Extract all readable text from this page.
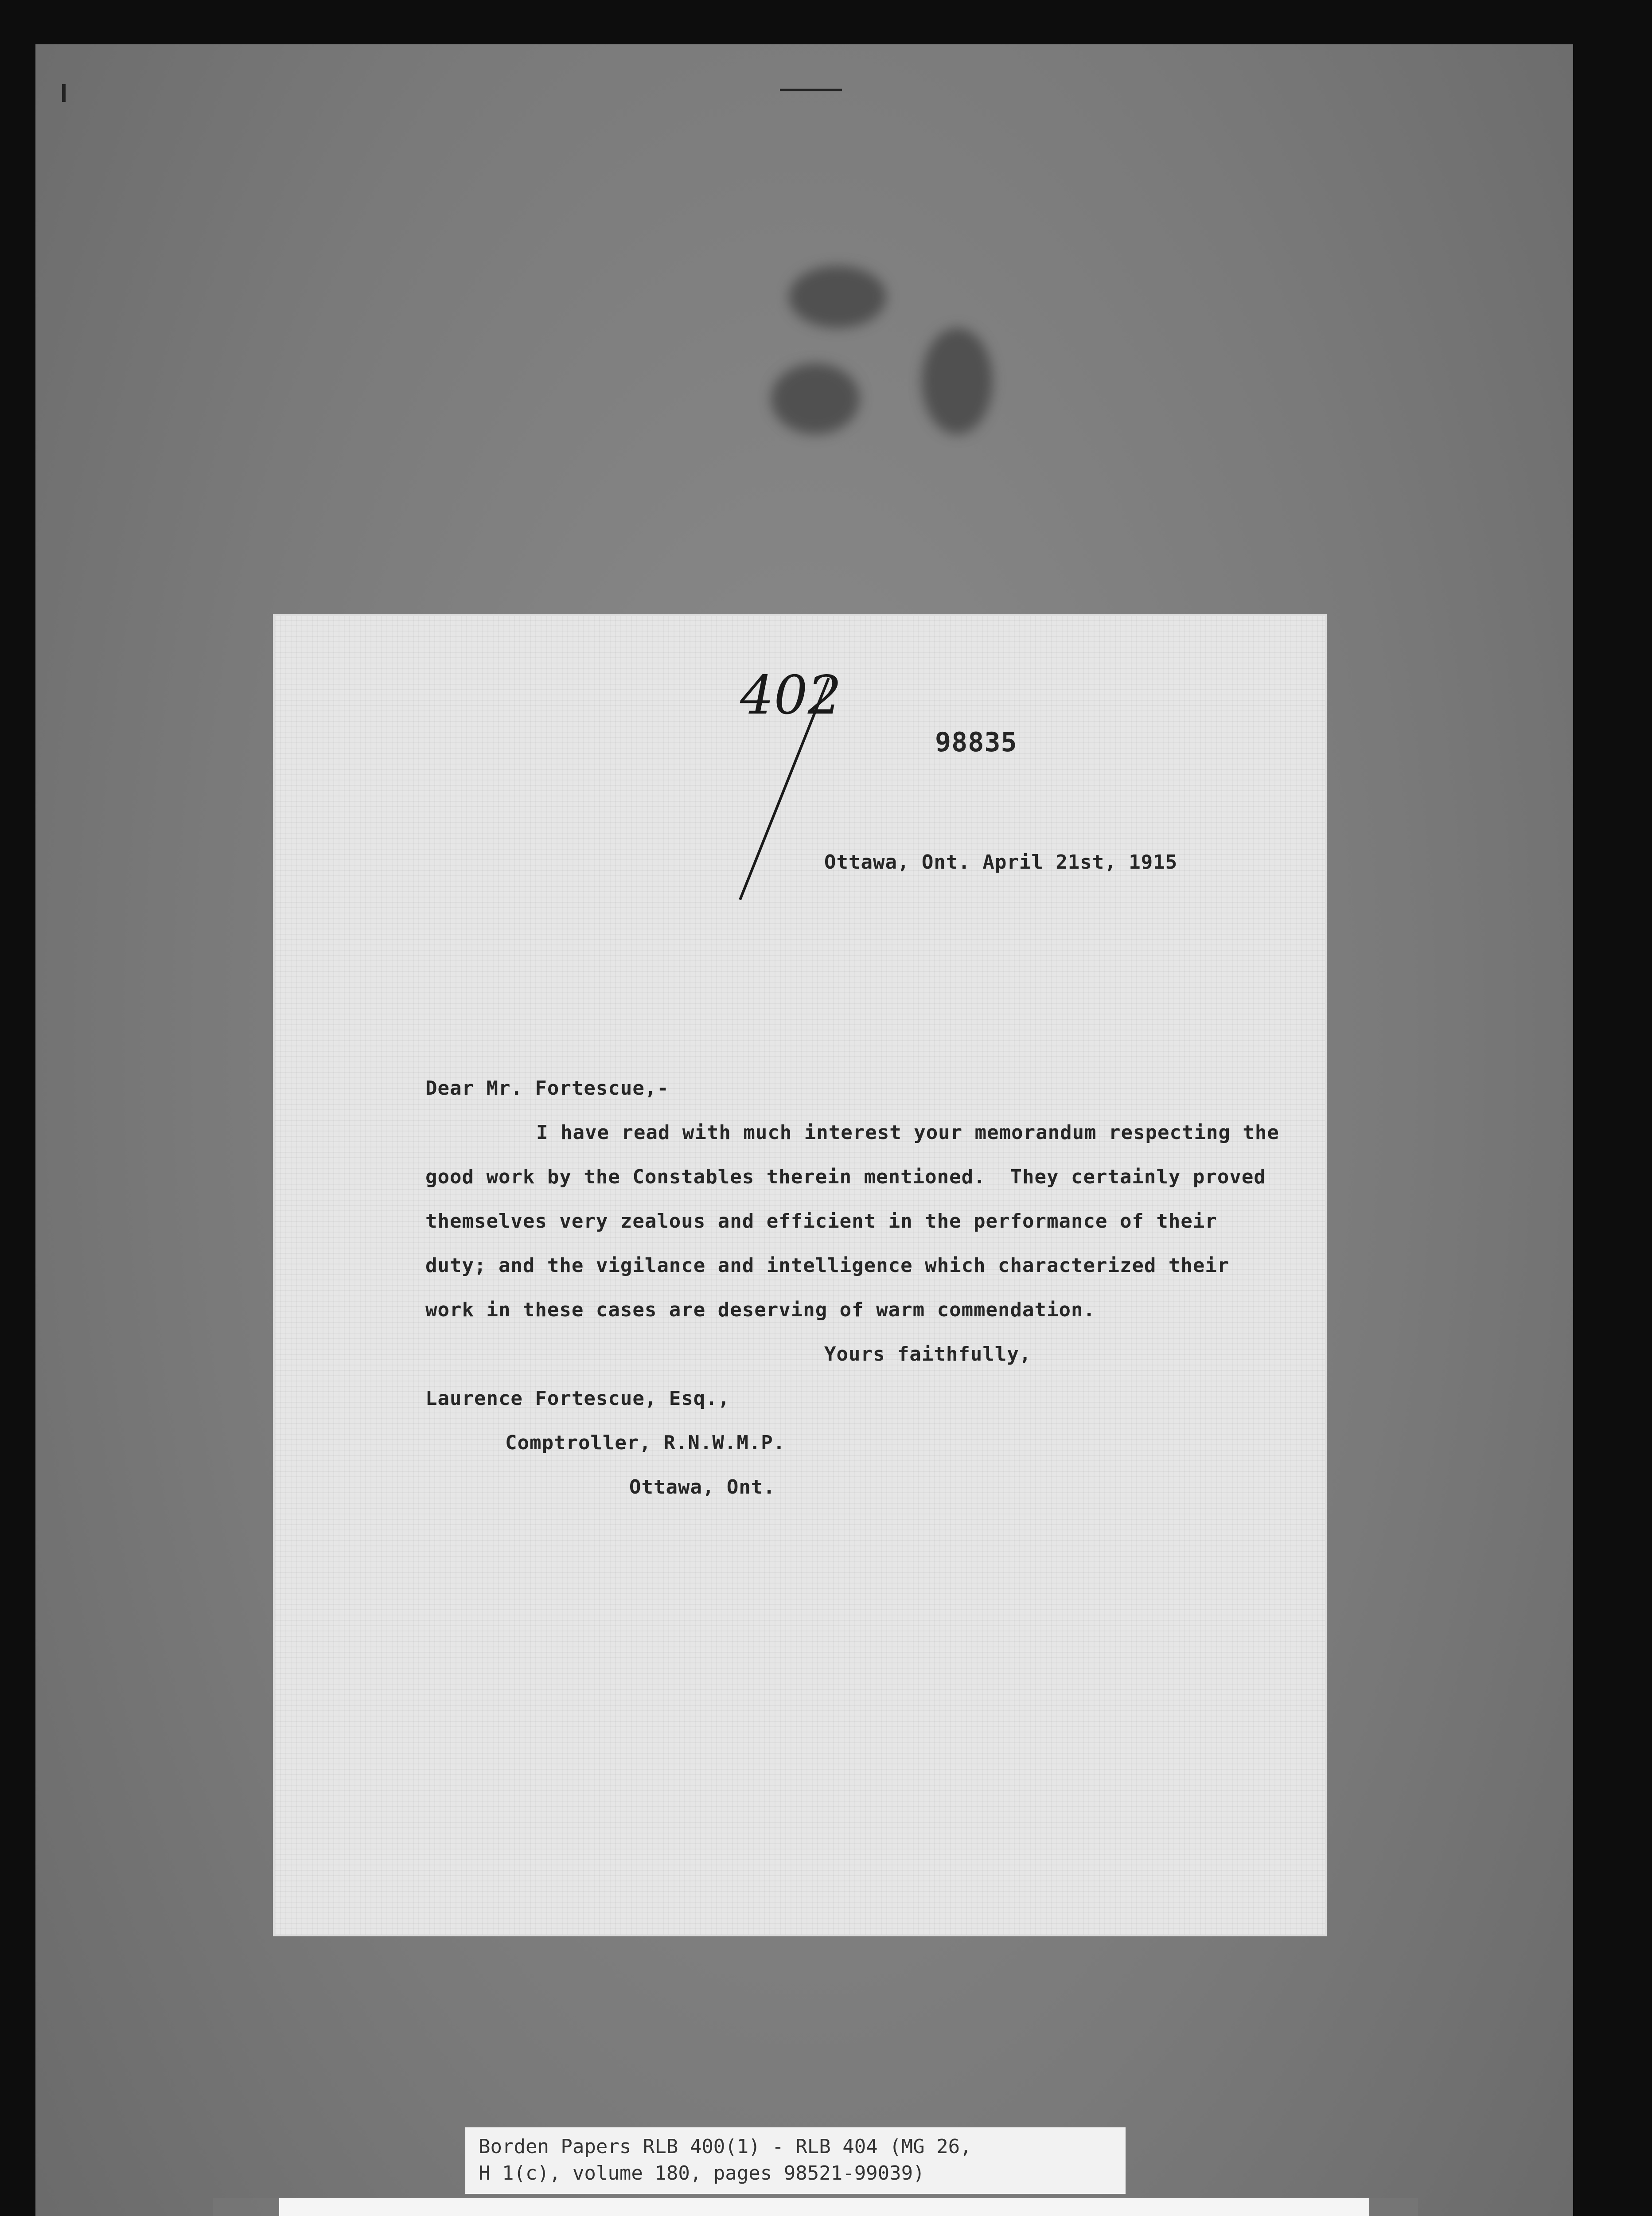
402
98835
Ottawa, Ont. April 21st, 1915
Dear Mr. Fortescue,-
I have read with much interest your memorandum respecting the
good work by the Constables therein mentioned.  They certainly proved
themselves very zealous and efficient in the performance of their
duty; and the vigilance and intelligence which characterized their
work in these cases are deserving of warm commendation.
Yours faithfully,
Laurence Fortescue, Esq.,
Comptroller, R.N.W.M.P.
Ottawa, Ont.
Borden Papers RLB 400(1) - RLB 404 (MG 26,
H 1(c), volume 180, pages 98521-99039)
